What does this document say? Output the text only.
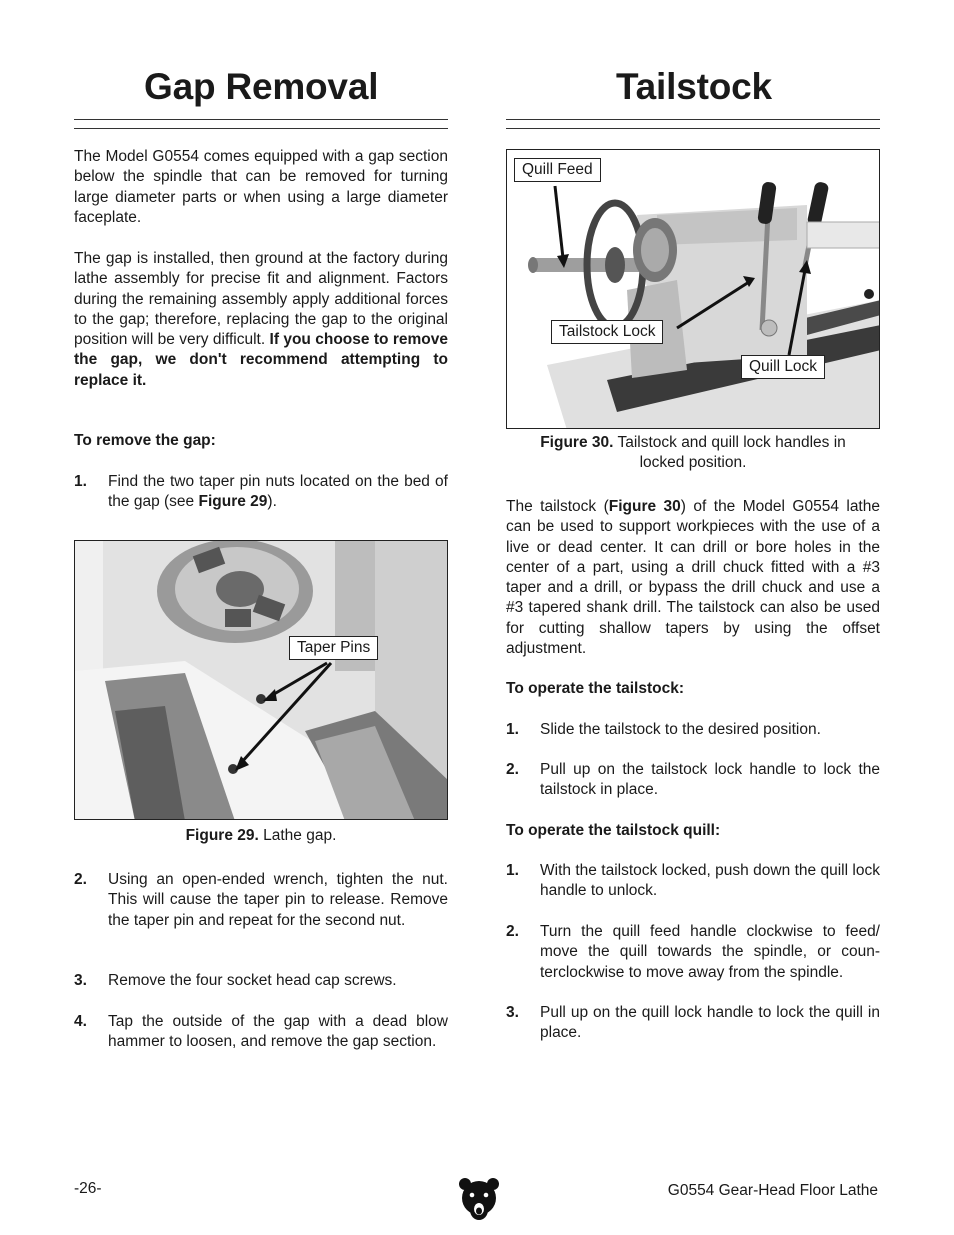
Gap Removal

The Model G0554 comes equipped with a gap section below the spindle that can be removed for turning large diameter parts or when using a large diameter faceplate.

The gap is installed, then ground at the factory during lathe assembly for precise fit and alignment. Factors during the remaining assembly apply additional forces to the gap; therefore, replacing the gap to the original position will be very difficult. If you choose to remove the gap, we don't recommend attempting to replace it.

To remove the gap:
1.	Find the two taper pin nuts located on the bed of the gap (see Figure 29).
Taper Pins
Figure 29. Lathe gap.
2.	Using an open-ended wrench, tighten the nut. This will cause the taper pin to release. Remove the taper pin and repeat for the second nut.
3.	Remove the four socket head cap screws.
4.	Tap the outside of the gap with a dead blow hammer to loosen, and remove the gap section.
Tailstock
Quill Feed
Tailstock Lock
Quill Lock
Figure 30. Tailstock and quill lock handles in locked position.

The tailstock (Figure 30) of the Model G0554 lathe can be used to support workpieces with the use of a live or dead center. It can drill or bore holes in the center of a part, using a drill chuck fitted with a #3 taper and a drill, or bypass the drill chuck and use a #3 tapered shank drill. The tailstock can also be used for cutting shallow tapers by using the offset adjustment.

To operate the tailstock:
1.	Slide the tailstock to the desired position.
2.	Pull up on the tailstock lock handle to lock the tailstock in place.
To operate the tailstock quill:
1.	With the tailstock locked, push down the quill lock handle to unlock.
2.	Turn the quill feed handle clockwise to feed/ move the quill towards the spindle, or counterclockwise to move away from the spindle.
3.	Pull up on the quill lock handle to lock the quill in place.
-26-	G0554 Gear-Head Floor Lathe
